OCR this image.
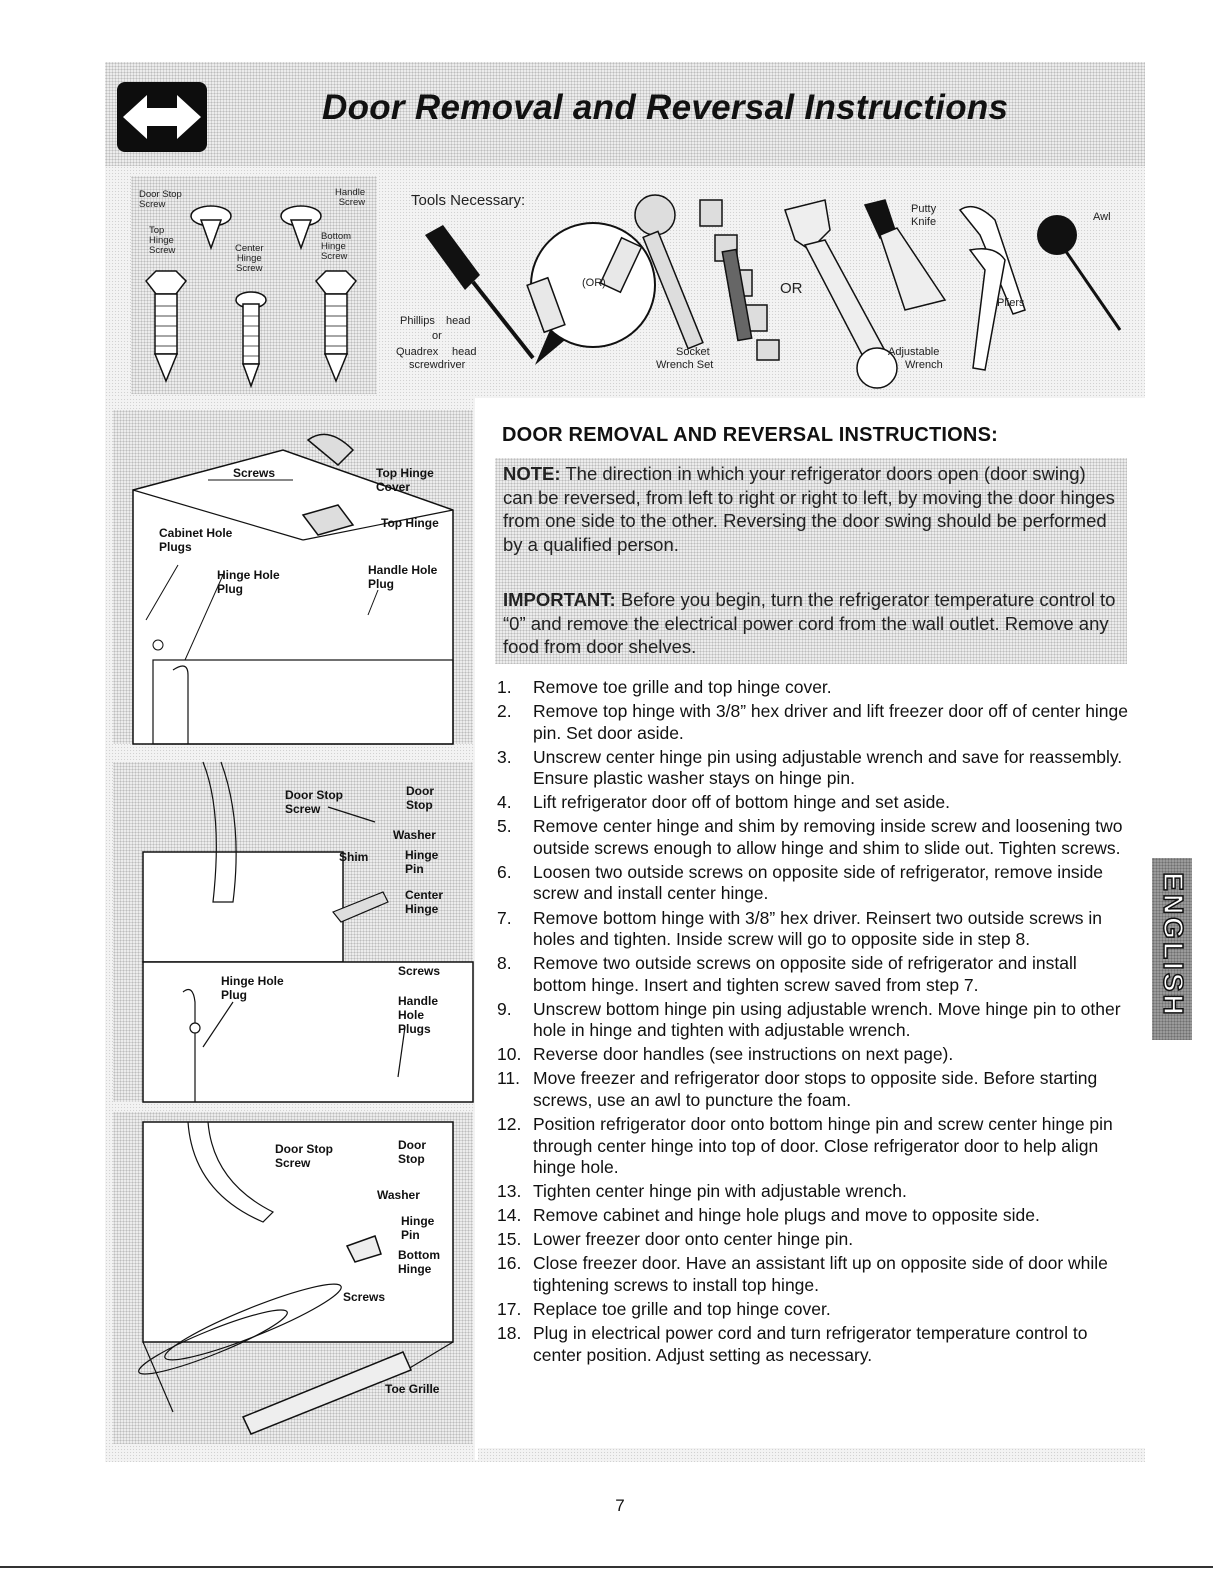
Door Removal and Reversal Instructions
Door Stop
Screw
Handle
Screw
Top
Hinge
Screw	Center
Hinge
Screw
Bottom
Hinge
Screw
Tools Necessary:
Phillips head
or
Quadrex head
screwdriver
(OR)
Socket
Wrench Set
OR
Putty
Knife
Adjustable
Wrench
Pliers
Awl
Screws	Top Hinge
Cover
Top Hinge
Cabinet Hole
Plugs
Hinge Hole
Plug
Handle Hole
Plug
Door Stop
Screw
Door
Stop
Washer
Shim	Hinge
Pin
Center
Hinge
Screws
Hinge Hole
Plug	Handle
Hole
Plugs
Door Stop
Screw
Door
Stop
Washer
Hinge
Pin
Bottom
Hinge
Screws
Toe Grille
DOOR REMOVAL AND REVERSAL INSTRUCTIONS:
NOTE: The direction in which your refrigerator doors open (door swing) can be reversed, from left to right or right to left, by moving the door hinges from one side to the other. Reversing the door swing should be performed by a qualified person.
IMPORTANT: Before you begin, turn the refrigerator temperature control to “0” and remove the electrical power cord from the wall outlet. Remove any food from door shelves.
1.	Remove toe grille and top hinge cover.
2.	Remove top hinge with 3/8” hex driver and lift freezer door off of center hinge pin. Set door aside.
3.	Unscrew center hinge pin using adjustable wrench and save for reassembly. Ensure plastic washer stays on hinge pin.
4.	Lift refrigerator door off of bottom hinge and set aside.
5.	Remove center hinge and shim by removing inside screw and loosening two outside screws enough to allow hinge and shim to slide out. Tighten screws.
6.	Loosen two outside screws on opposite side of refrigerator, remove inside screw and install center hinge.
7.	Remove bottom hinge with 3/8” hex driver. Reinsert two outside screws in holes and tighten. Inside screw will go to opposite side in step 8.
8.	Remove two outside screws on opposite side of refrigerator and install bottom hinge. Insert and tighten screw saved from step 7.
9.	Unscrew bottom hinge pin using adjustable wrench. Move hinge pin to other hole in hinge and tighten with adjustable wrench.
10. Reverse door handles (see instructions on next page).
11. Move freezer and refrigerator door stops to opposite side. Before starting screws, use an awl to puncture the foam.
12. Position refrigerator door onto bottom hinge pin and screw center hinge pin through center hinge into top of door. Close refrigerator door to help align hinge hole.
13. Tighten center hinge pin with adjustable wrench.
14. Remove cabinet and hinge hole plugs and move to opposite side.
15. Lower freezer door onto center hinge pin.
16. Close freezer door. Have an assistant lift up on opposite side of door while tightening screws to install top hinge.
17. Replace toe grille and top hinge cover.
18. Plug in electrical power cord and turn refrigerator temperature control to center position. Adjust setting as necessary.
ENGLISH
7
